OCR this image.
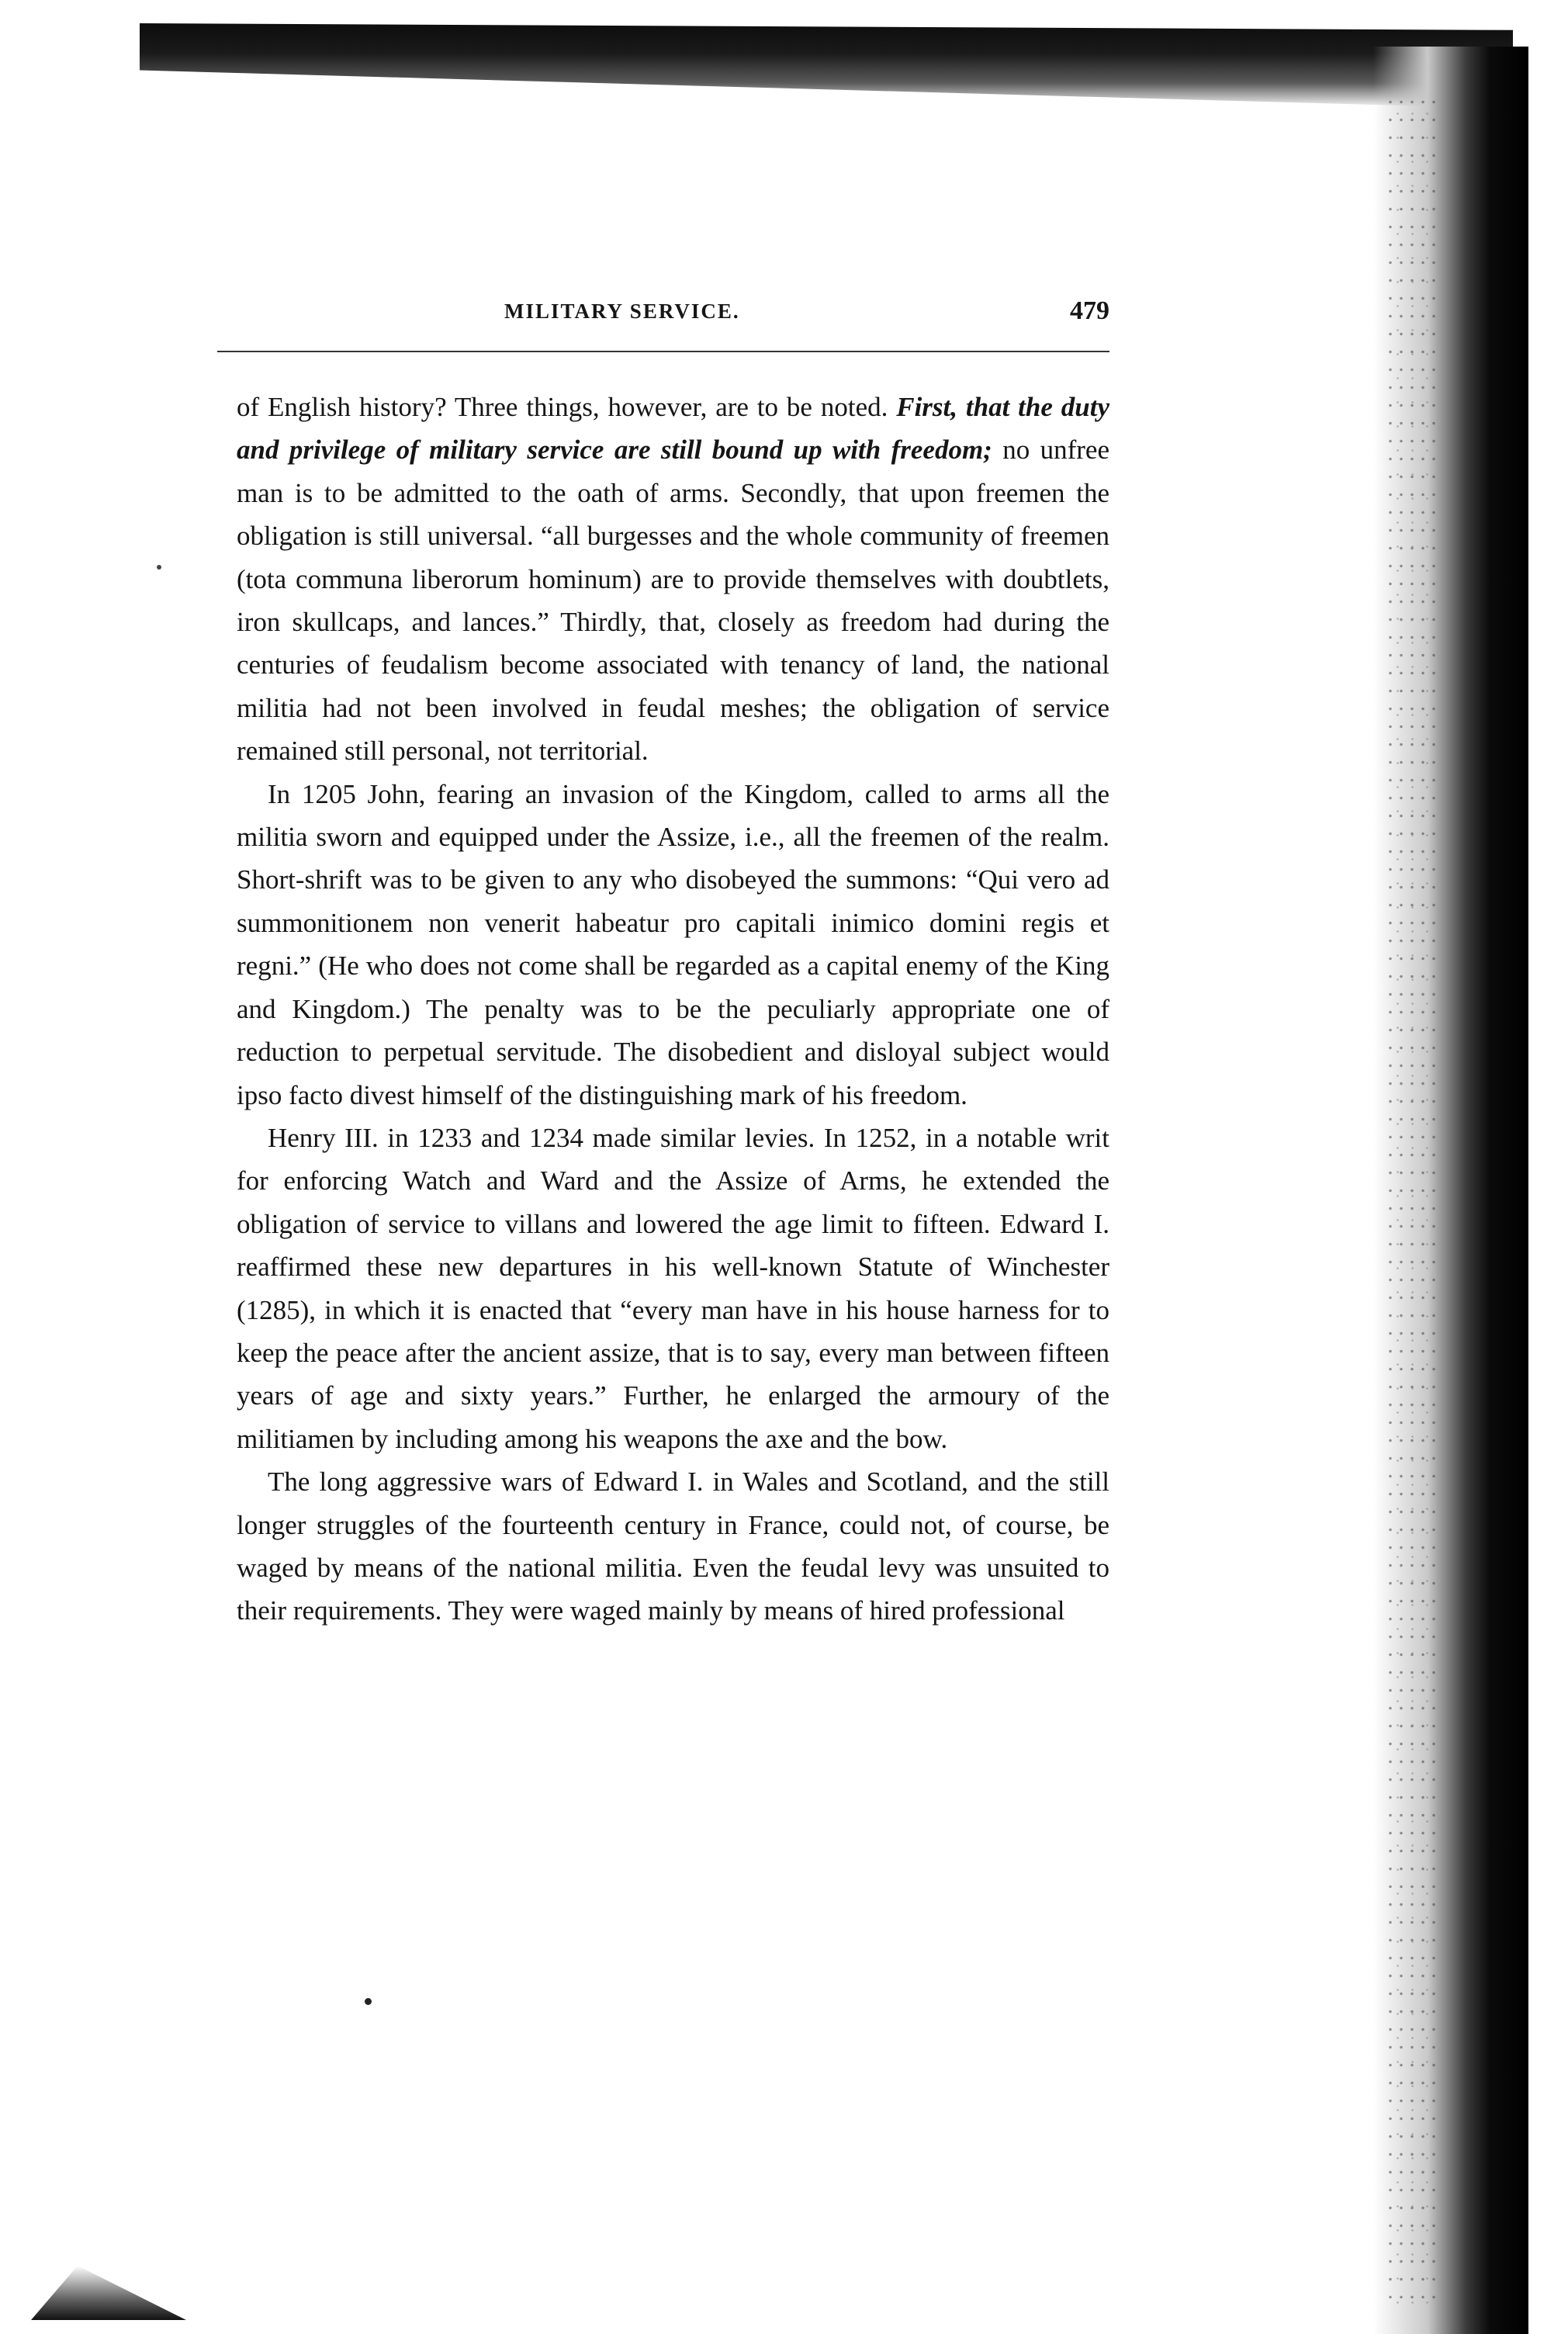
MILITARY SERVICE.	479

of English history? Three things, however, are to be noted. First, that the duty and privilege of military service are still bound up with freedom; no unfree man is to be admitted to the oath of arms. Secondly, that upon freemen the obligation is still universal. “all burgesses and the whole community of freemen (tota communa liberorum hominum) are to provide themselves with doubtlets, iron skullcaps, and lances.” Thirdly, that, closely as freedom had during the centuries of feudalism become associated with tenancy of land, the national militia had not been involved in feudal meshes; the obligation of service remained still personal, not territorial.

In 1205 John, fearing an invasion of the Kingdom, called to arms all the militia sworn and equipped under the Assize, i.e., all the freemen of the realm. Short-shrift was to be given to any who disobeyed the summons: “Qui vero ad summonitionem non venerit habeatur pro capitali inimico domini regis et regni.” (He who does not come shall be regarded as a capital enemy of the King and Kingdom.) The penalty was to be the peculiarly appropriate one of reduction to perpetual servitude. The disobedient and disloyal subject would ipso facto divest himself of the distinguishing mark of his freedom.

Henry III. in 1233 and 1234 made similar levies. In 1252, in a notable writ for enforcing Watch and Ward and the Assize of Arms, he extended the obligation of service to villans and lowered the age limit to fifteen. Edward I. reaffirmed these new departures in his well-known Statute of Winchester (1285), in which it is enacted that “every man have in his house harness for to keep the peace after the ancient assize, that is to say, every man between fifteen years of age and sixty years.” Further, he enlarged the armoury of the militiamen by including among his weapons the axe and the bow.

The long aggressive wars of Edward I. in Wales and Scotland, and the still longer struggles of the fourteenth century in France, could not, of course, be waged by means of the national militia. Even the feudal levy was unsuited to their requirements. They were waged mainly by means of hired professional
